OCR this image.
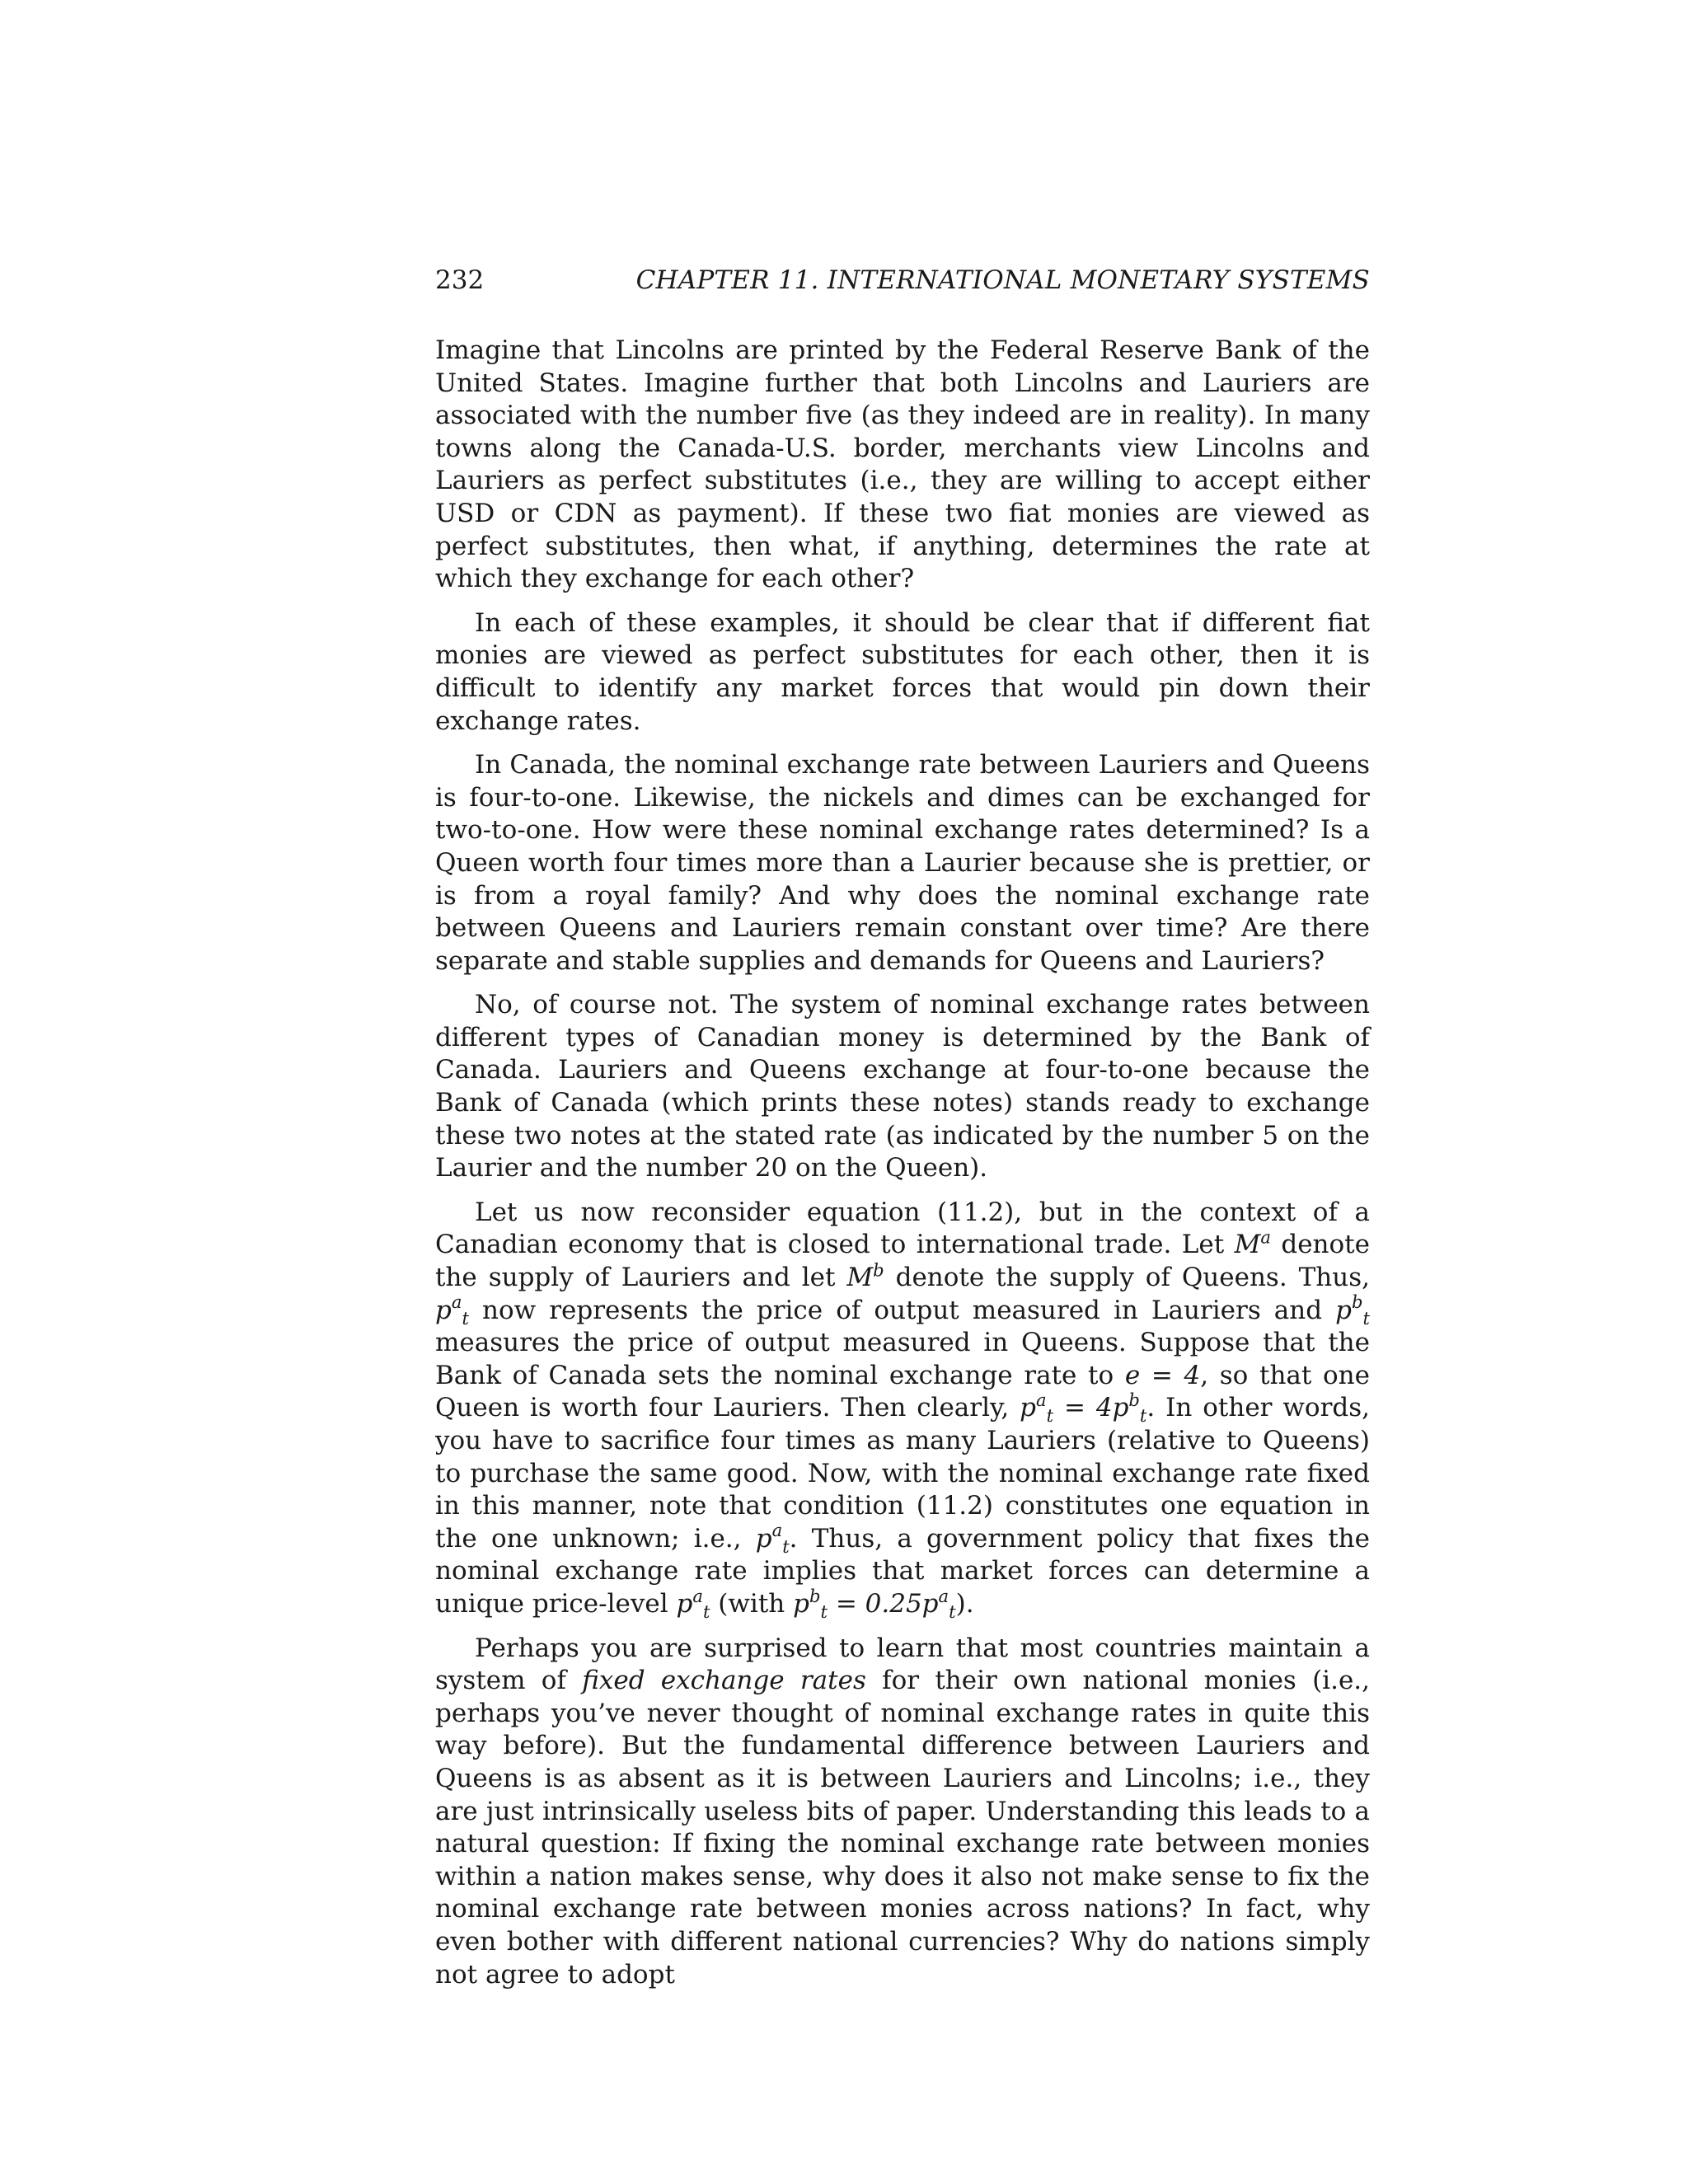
232	CHAPTER 11. INTERNATIONAL MONETARY SYSTEMS

Imagine that Lincolns are printed by the Federal Reserve Bank of the United States. Imagine further that both Lincolns and Lauriers are associated with the number five (as they indeed are in reality). In many towns along the Canada-U.S. border, merchants view Lincolns and Lauriers as perfect substitutes (i.e., they are willing to accept either USD or CDN as payment). If these two fiat monies are viewed as perfect substitutes, then what, if anything, determines the rate at which they exchange for each other?

In each of these examples, it should be clear that if different fiat monies are viewed as perfect substitutes for each other, then it is difficult to identify any market forces that would pin down their exchange rates.

In Canada, the nominal exchange rate between Lauriers and Queens is four-to-one. Likewise, the nickels and dimes can be exchanged for two-to-one. How were these nominal exchange rates determined? Is a Queen worth four times more than a Laurier because she is prettier, or is from a royal family? And why does the nominal exchange rate between Queens and Lauriers remain constant over time? Are there separate and stable supplies and demands for Queens and Lauriers?

No, of course not. The system of nominal exchange rates between different types of Canadian money is determined by the Bank of Canada. Lauriers and Queens exchange at four-to-one because the Bank of Canada (which prints these notes) stands ready to exchange these two notes at the stated rate (as indicated by the number 5 on the Laurier and the number 20 on the Queen).

Let us now reconsider equation (11.2), but in the context of a Canadian economy that is closed to international trade. Let $M^a$ denote the supply of Lauriers and let $M^b$ denote the supply of Queens. Thus, $p^a_t$ now represents the price of output measured in Lauriers and $p^b_t$ measures the price of output measured in Queens. Suppose that the Bank of Canada sets the nominal exchange rate to e = 4, so that one Queen is worth four Lauriers. Then clearly, $p^a_t = 4p^b_t$. In other words, you have to sacrifice four times as many Lauriers (relative to Queens) to purchase the same good. Now, with the nominal exchange rate fixed in this manner, note that condition (11.2) constitutes one equation in the one unknown; i.e., $p^a_t$. Thus, a government policy that fixes the nominal exchange rate implies that market forces can determine a unique price-level $p^a_t$ (with $p^b_t = 0.25p^a_t$).

Perhaps you are surprised to learn that most countries maintain a system of fixed exchange rates for their own national monies (i.e., perhaps you’ve never thought of nominal exchange rates in quite this way before). But the fundamental difference between Lauriers and Queens is as absent as it is between Lauriers and Lincolns; i.e., they are just intrinsically useless bits of paper. Understanding this leads to a natural question: If fixing the nominal exchange rate between monies within a nation makes sense, why does it also not make sense to fix the nominal exchange rate between monies across nations? In fact, why even bother with different national currencies? Why do nations simply not agree to adopt
